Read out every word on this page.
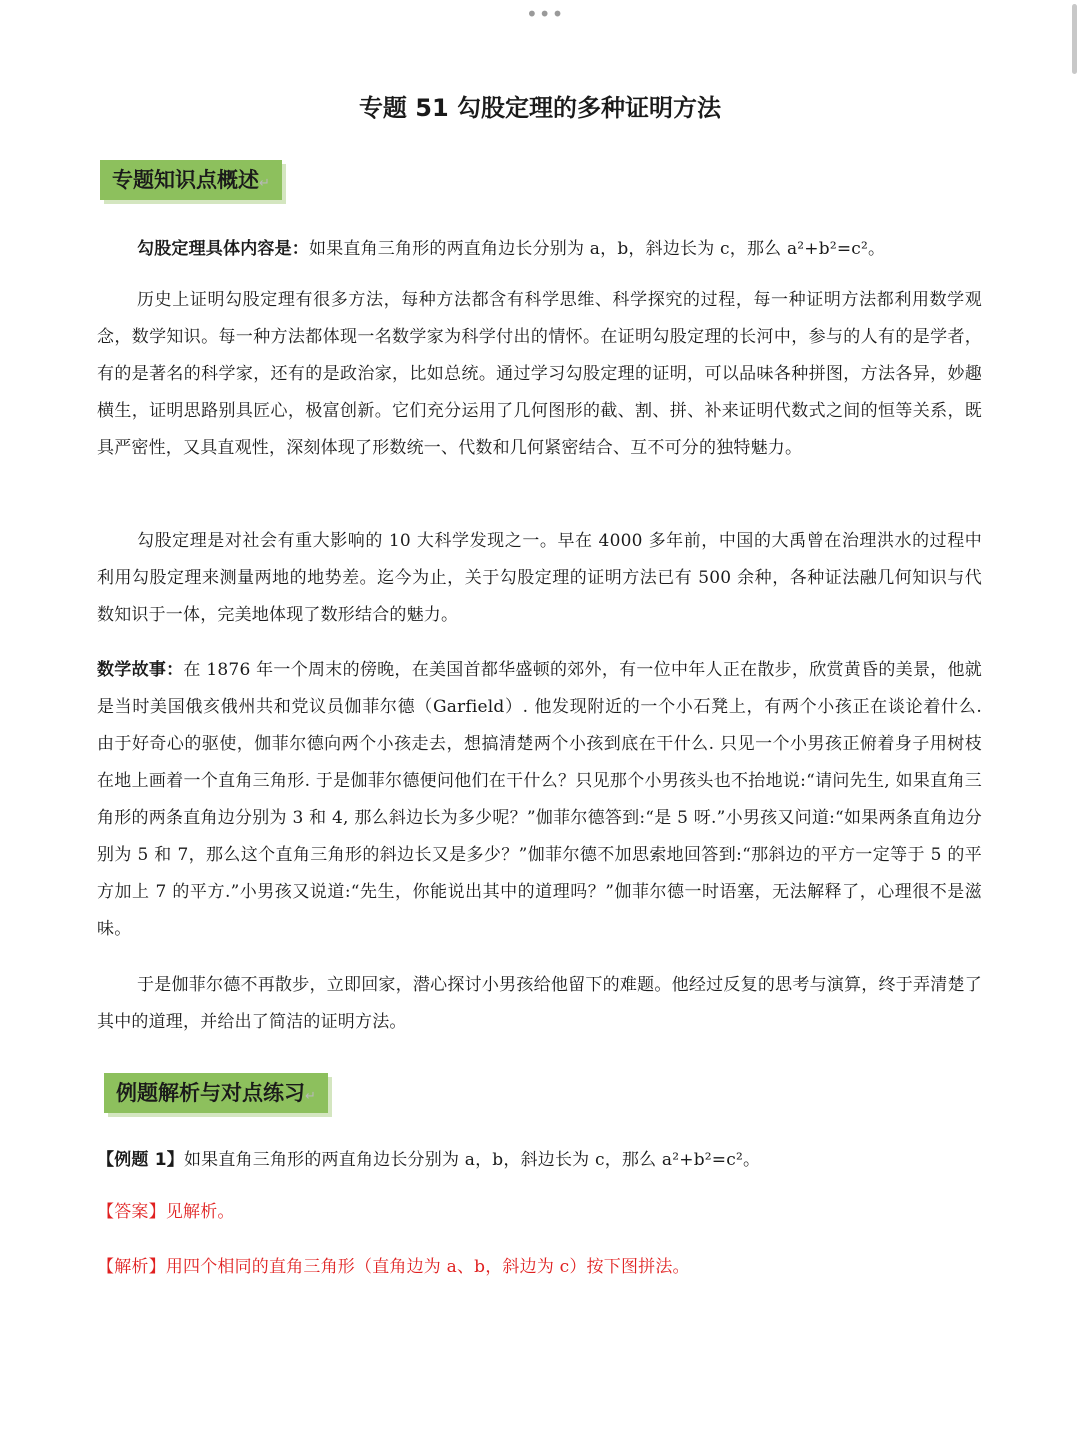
•••
专题 51 勾股定理的多种证明方法
专题知识点概述↵
勾股定理具体内容是：如果直角三角形的两直角边长分别为 a，b，斜边长为 c，那么 a²+b²=c²。
历史上证明勾股定理有很多方法，每种方法都含有科学思维、科学探究的过程，每一种证明方法都利用数学观念，数学知识。每一种方法都体现一名数学家为科学付出的情怀。在证明勾股定理的长河中，参与的人有的是学者，有的是著名的科学家，还有的是政治家，比如总统。通过学习勾股定理的证明，可以品味各种拼图，方法各异，妙趣横生，证明思路别具匠心，极富创新。它们充分运用了几何图形的截、割、拼、补来证明代数式之间的恒等关系，既具严密性，又具直观性，深刻体现了形数统一、代数和几何紧密结合、互不可分的独特魅力。
勾股定理是对社会有重大影响的 10 大科学发现之一。早在 4000 多年前，中国的大禹曾在治理洪水的过程中利用勾股定理来测量两地的地势差。迄今为止，关于勾股定理的证明方法已有 500 余种，各种证法融几何知识与代数知识于一体，完美地体现了数形结合的魅力。
数学故事：在 1876 年一个周末的傍晚，在美国首都华盛顿的郊外，有一位中年人正在散步，欣赏黄昏的美景，他就是当时美国俄亥俄州共和党议员伽菲尔德（Garfield）. 他发现附近的一个小石凳上，有两个小孩正在谈论着什么. 由于好奇心的驱使，伽菲尔德向两个小孩走去，想搞清楚两个小孩到底在干什么. 只见一个小男孩正俯着身子用树枝在地上画着一个直角三角形. 于是伽菲尔德便问他们在干什么？只见那个小男孩头也不抬地说:“请问先生, 如果直角三角形的两条直角边分别为 3 和 4, 那么斜边长为多少呢？”伽菲尔德答到:“是 5 呀.”小男孩又问道:“如果两条直角边分别为 5 和 7，那么这个直角三角形的斜边长又是多少？”伽菲尔德不加思索地回答到:“那斜边的平方一定等于 5 的平方加上 7 的平方.”小男孩又说道:“先生，你能说出其中的道理吗？”伽菲尔德一时语塞，无法解释了，心理很不是滋味。
于是伽菲尔德不再散步，立即回家，潜心探讨小男孩给他留下的难题。他经过反复的思考与演算，终于弄清楚了其中的道理，并给出了简洁的证明方法。
例题解析与对点练习↵
【例题 1】如果直角三角形的两直角边长分别为 a，b，斜边长为 c，那么 a²+b²=c²。
【答案】见解析。
【解析】用四个相同的直角三角形（直角边为 a、b，斜边为 c）按下图拼法。
